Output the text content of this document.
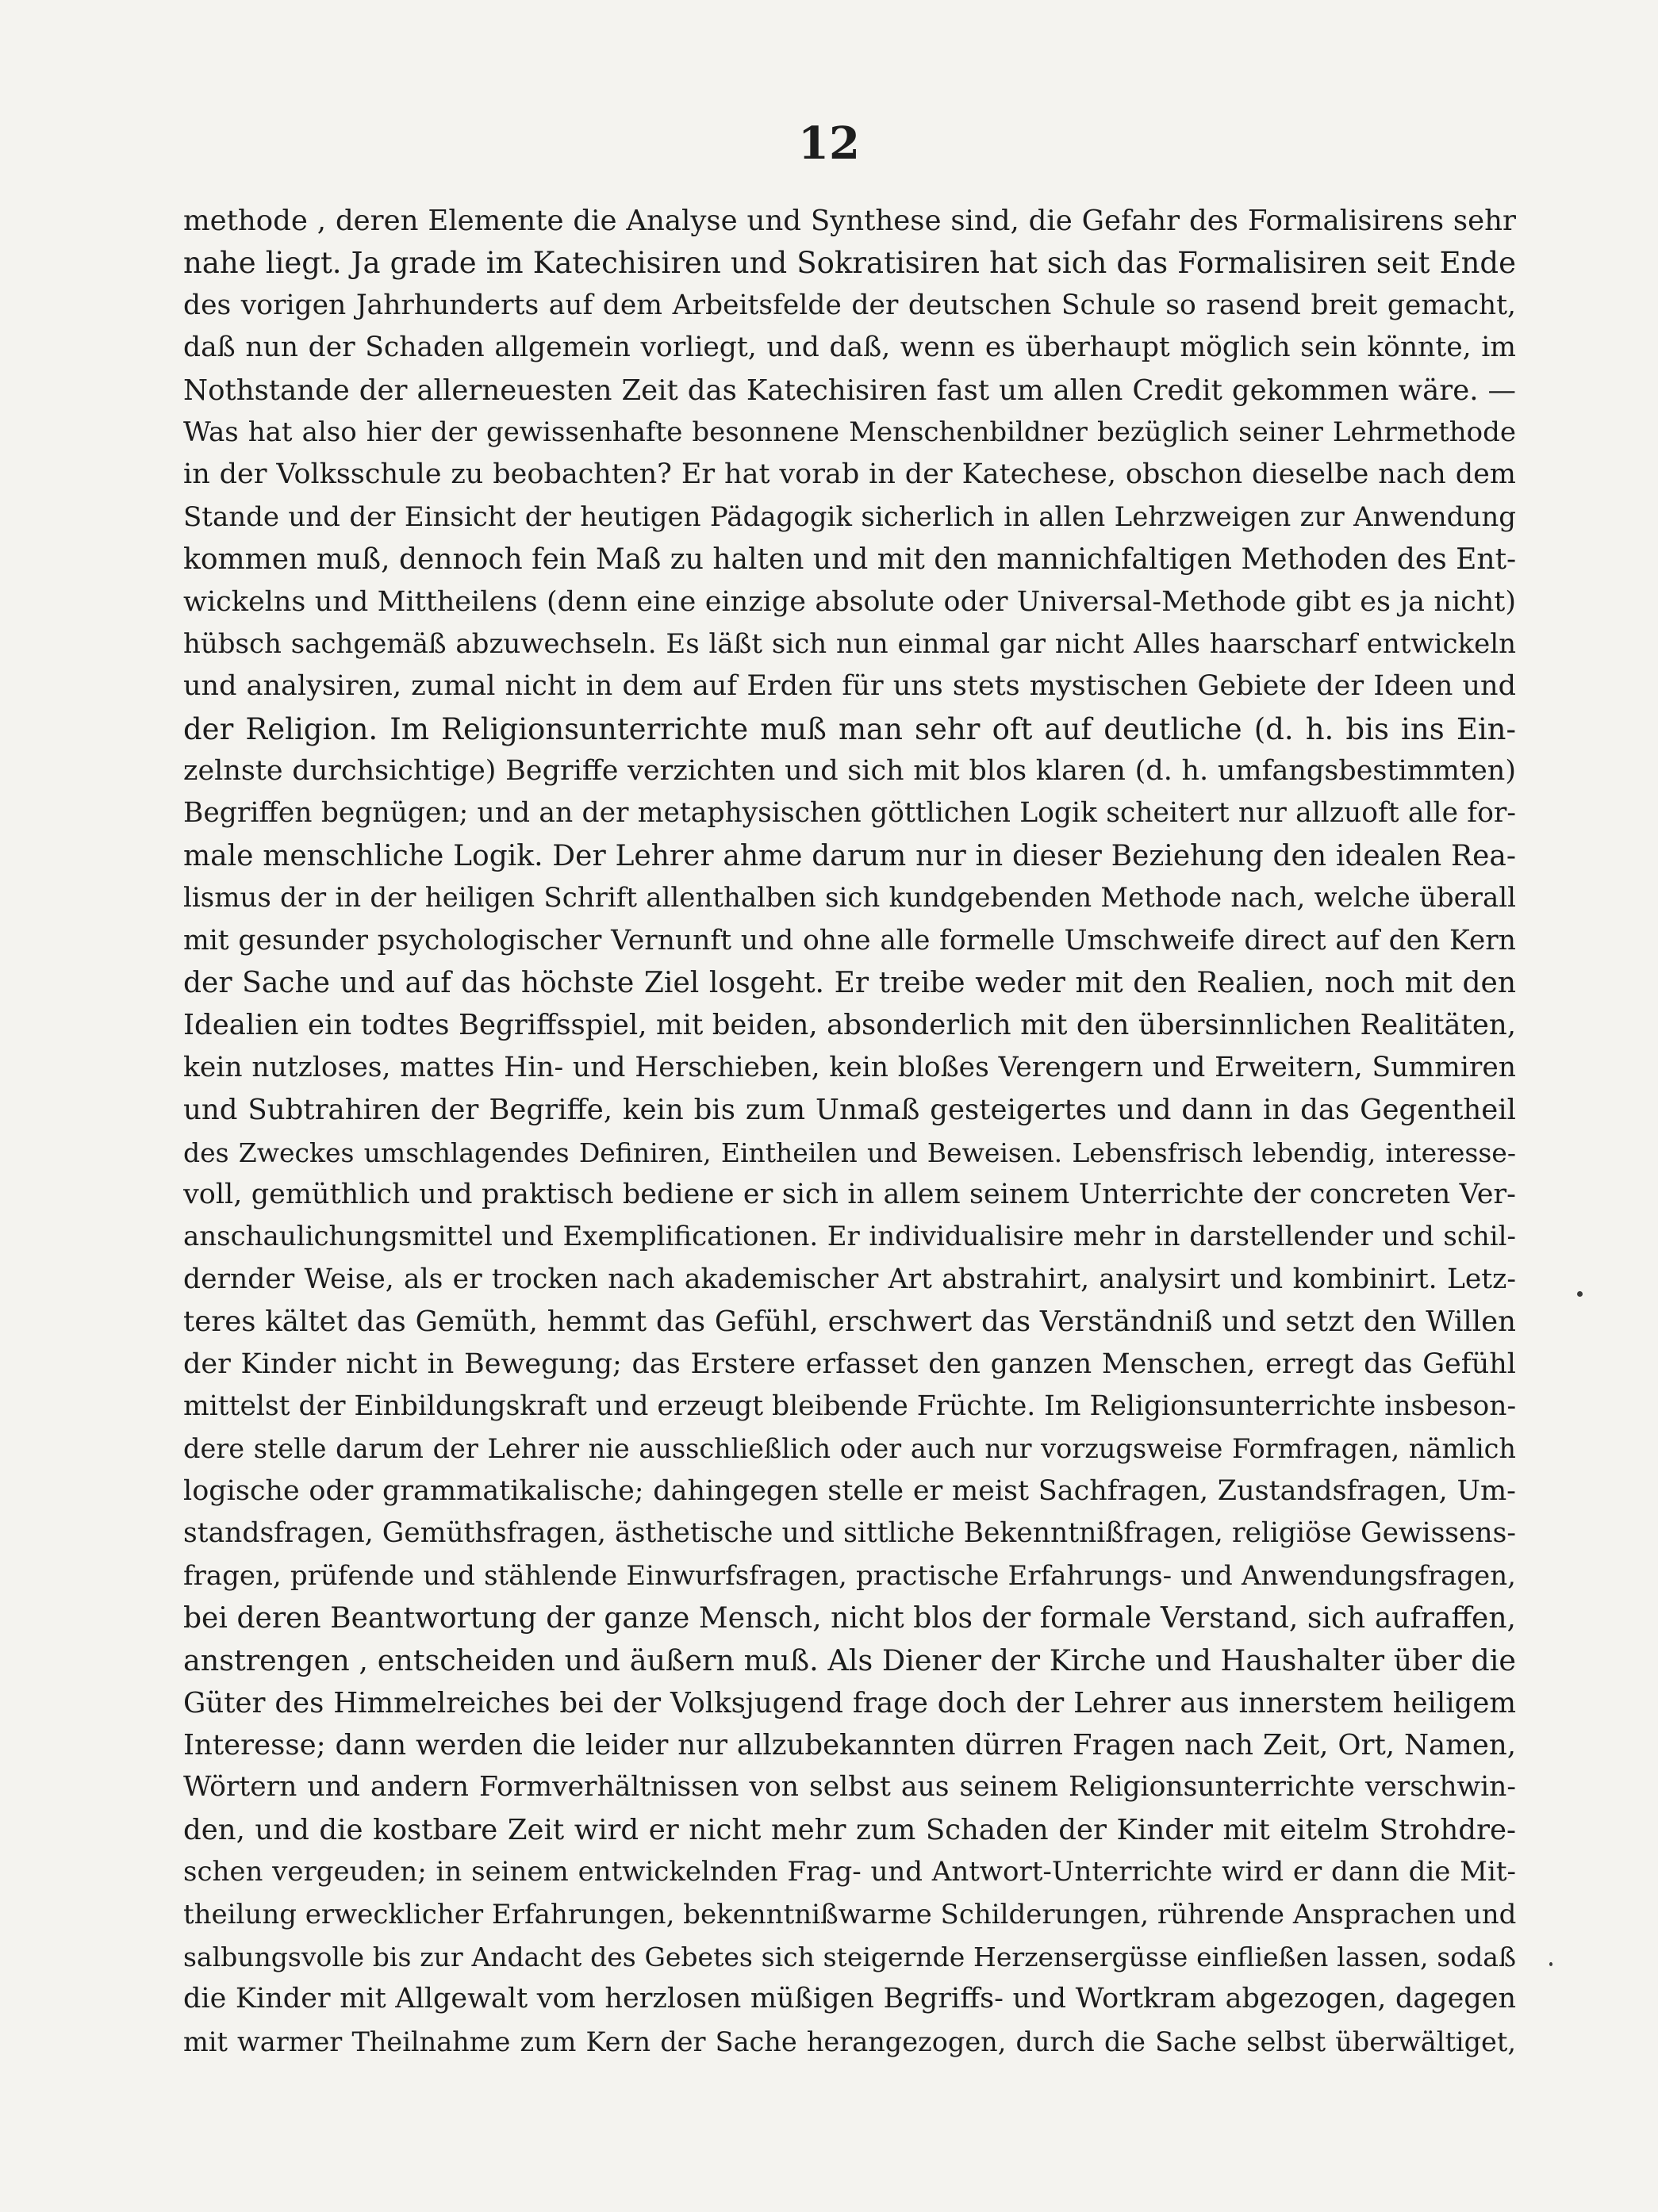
12
methode , deren Elemente die Analyse und Synthese sind, die Gefahr des Formalisirens sehr
nahe liegt. Ja grade im Katechisiren und Sokratisiren hat sich das Formalisiren seit Ende
des vorigen Jahrhunderts auf dem Arbeitsfelde der deutschen Schule so rasend breit gemacht,
daß nun der Schaden allgemein vorliegt, und daß, wenn es überhaupt möglich sein könnte, im
Nothstande der allerneuesten Zeit das Katechisiren fast um allen Credit gekommen wäre. —
Was hat also hier der gewissenhafte besonnene Menschenbildner bezüglich seiner Lehrmethode
in der Volksschule zu beobachten? Er hat vorab in der Katechese, obschon dieselbe nach dem
Stande und der Einsicht der heutigen Pädagogik sicherlich in allen Lehrzweigen zur Anwendung
kommen muß, dennoch fein Maß zu halten und mit den mannichfaltigen Methoden des Ent-
wickelns und Mittheilens (denn eine einzige absolute oder Universal-Methode gibt es ja nicht)
hübsch sachgemäß abzuwechseln. Es läßt sich nun einmal gar nicht Alles haarscharf entwickeln
und analysiren, zumal nicht in dem auf Erden für uns stets mystischen Gebiete der Ideen und
der Religion. Im Religionsunterrichte muß man sehr oft auf deutliche (d. h. bis ins Ein-
zelnste durchsichtige) Begriffe verzichten und sich mit blos klaren (d. h. umfangsbestimmten)
Begriffen begnügen; und an der metaphysischen göttlichen Logik scheitert nur allzuoft alle for-
male menschliche Logik. Der Lehrer ahme darum nur in dieser Beziehung den idealen Rea-
lismus der in der heiligen Schrift allenthalben sich kundgebenden Methode nach, welche überall
mit gesunder psychologischer Vernunft und ohne alle formelle Umschweife direct auf den Kern
der Sache und auf das höchste Ziel losgeht. Er treibe weder mit den Realien, noch mit den
Idealien ein todtes Begriffsspiel, mit beiden, absonderlich mit den übersinnlichen Realitäten,
kein nutzloses, mattes Hin- und Herschieben, kein bloßes Verengern und Erweitern, Summiren
und Subtrahiren der Begriffe, kein bis zum Unmaß gesteigertes und dann in das Gegentheil
des Zweckes umschlagendes Definiren, Eintheilen und Beweisen. Lebensfrisch lebendig, interesse-
voll, gemüthlich und praktisch bediene er sich in allem seinem Unterrichte der concreten Ver-
anschaulichungsmittel und Exemplificationen. Er individualisire mehr in darstellender und schil-
dernder Weise, als er trocken nach akademischer Art abstrahirt, analysirt und kombinirt. Letz-
teres kältet das Gemüth, hemmt das Gefühl, erschwert das Verständniß und setzt den Willen
der Kinder nicht in Bewegung; das Erstere erfasset den ganzen Menschen, erregt das Gefühl
mittelst der Einbildungskraft und erzeugt bleibende Früchte. Im Religionsunterrichte insbeson-
dere stelle darum der Lehrer nie ausschließlich oder auch nur vorzugsweise Formfragen, nämlich
logische oder grammatikalische; dahingegen stelle er meist Sachfragen, Zustandsfragen, Um-
standsfragen, Gemüthsfragen, ästhetische und sittliche Bekenntnißfragen, religiöse Gewissens-
fragen, prüfende und stählende Einwurfsfragen, practische Erfahrungs- und Anwendungsfragen,
bei deren Beantwortung der ganze Mensch, nicht blos der formale Verstand, sich aufraffen,
anstrengen , entscheiden und äußern muß. Als Diener der Kirche und Haushalter über die
Güter des Himmelreiches bei der Volksjugend frage doch der Lehrer aus innerstem heiligem
Interesse; dann werden die leider nur allzubekannten dürren Fragen nach Zeit, Ort, Namen,
Wörtern und andern Formverhältnissen von selbst aus seinem Religionsunterrichte verschwin-
den, und die kostbare Zeit wird er nicht mehr zum Schaden der Kinder mit eitelm Strohdre-
schen vergeuden; in seinem entwickelnden Frag- und Antwort-Unterrichte wird er dann die Mit-
theilung erwecklicher Erfahrungen, bekenntnißwarme Schilderungen, rührende Ansprachen und
salbungsvolle bis zur Andacht des Gebetes sich steigernde Herzensergüsse einfließen lassen, sodaß
die Kinder mit Allgewalt vom herzlosen müßigen Begriffs- und Wortkram abgezogen, dagegen
mit warmer Theilnahme zum Kern der Sache herangezogen, durch die Sache selbst überwältiget,
